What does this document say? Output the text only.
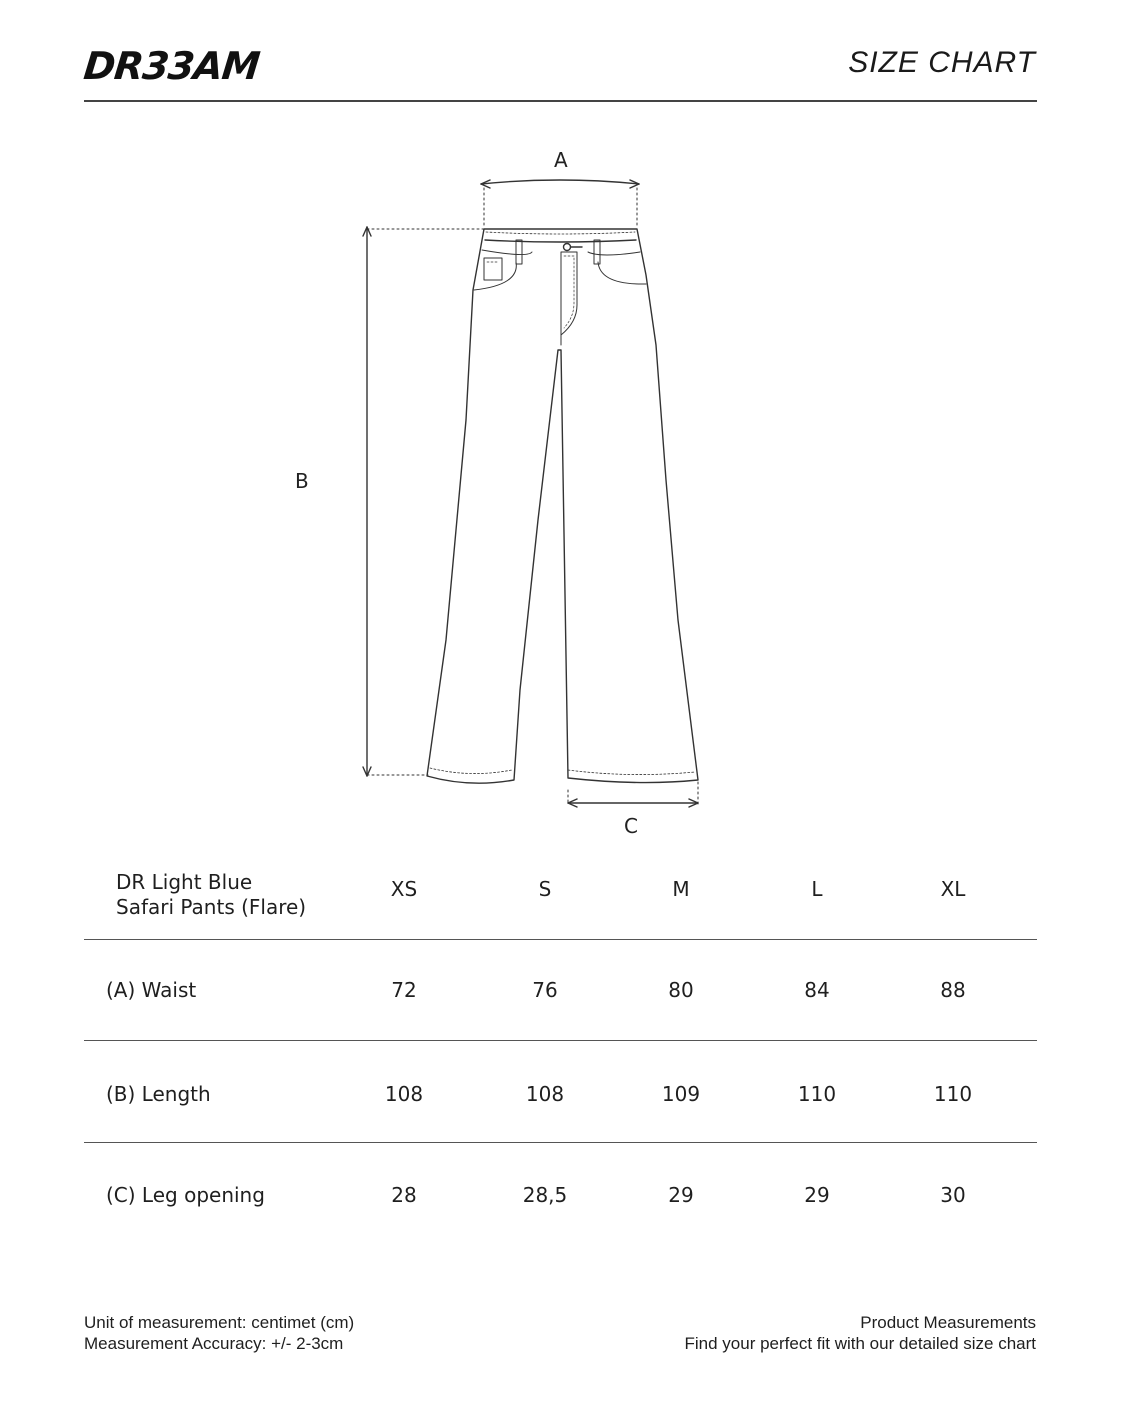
DR33AM	SIZE CHART
A
B
C
DR Light Blue
Safari Pants (Flare)
XS	S	M	L	XL
(A) Waist	72	76	80	84	88
(B) Length	108	108	109	110	110
(C) Leg opening	28	28,5	29	29	30
Unit of measurement: centimet (cm)
Measurement Accuracy: +/- 2-3cm
Product Measurements
Find your perfect fit with our detailed size chart
